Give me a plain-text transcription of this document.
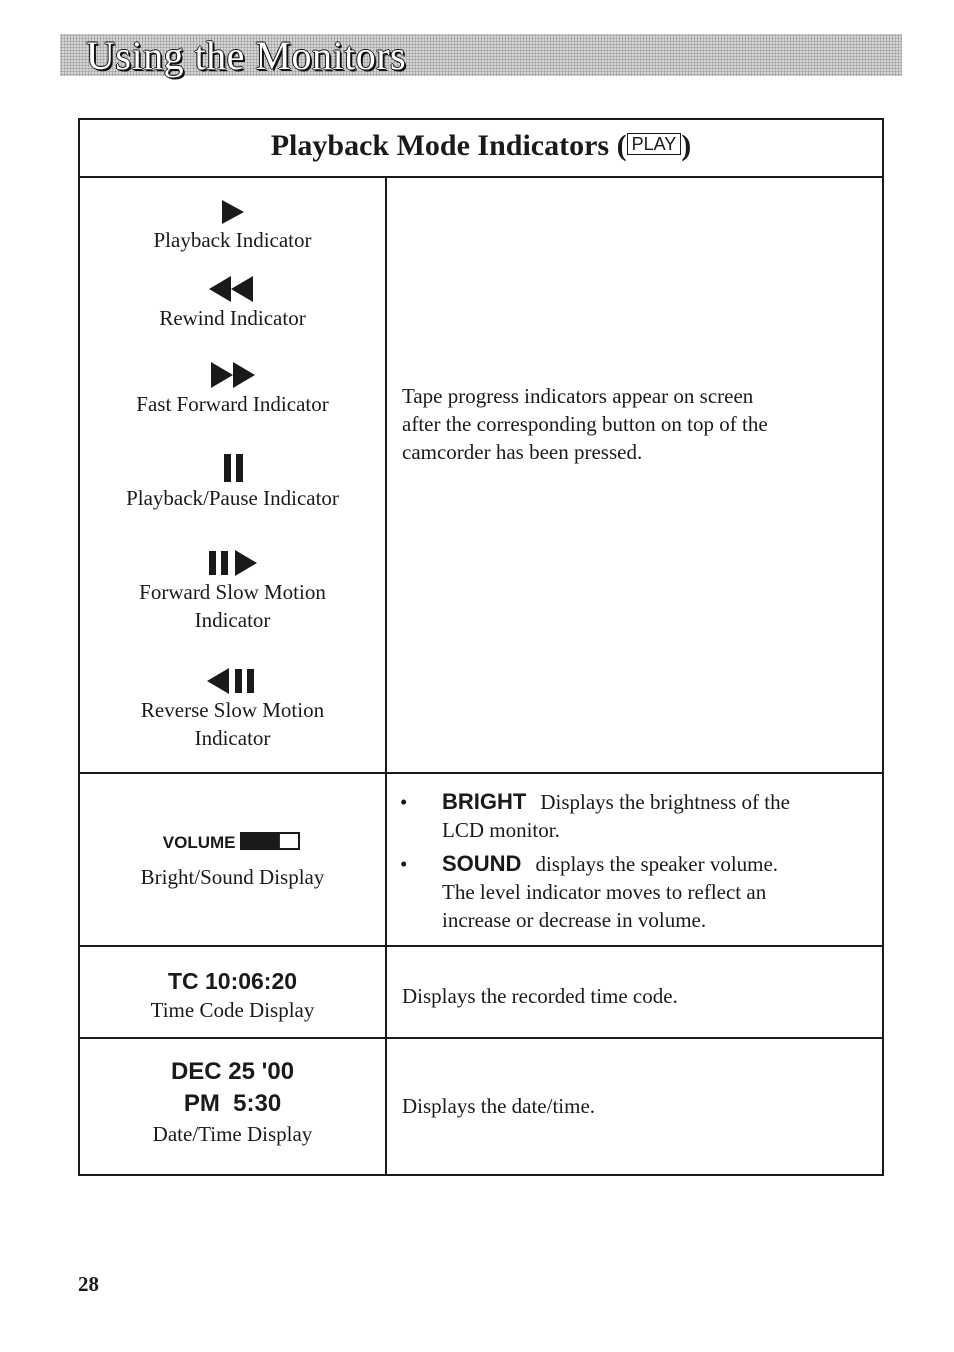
Using the Monitors
Playback Mode Indicators ( PLAY )
Playback Indicator
Rewind Indicator
Fast Forward Indicator
Playback/Pause Indicator
Forward Slow Motion
Indicator
Reverse Slow Motion
Indicator
Tape progress indicators appear on screen
after the corresponding button on top of the
camcorder has been pressed.
VOLUME
Bright/Sound Display
• BRIGHT Displays the brightness of the
LCD monitor.
• SOUND displays the speaker volume.
The level indicator moves to reflect an
increase or decrease in volume.
TC 10:06:20
Time Code Display
Displays the recorded time code.
DEC 25 '00
PM  5:30
Date/Time Display
Displays the date/time.
28
